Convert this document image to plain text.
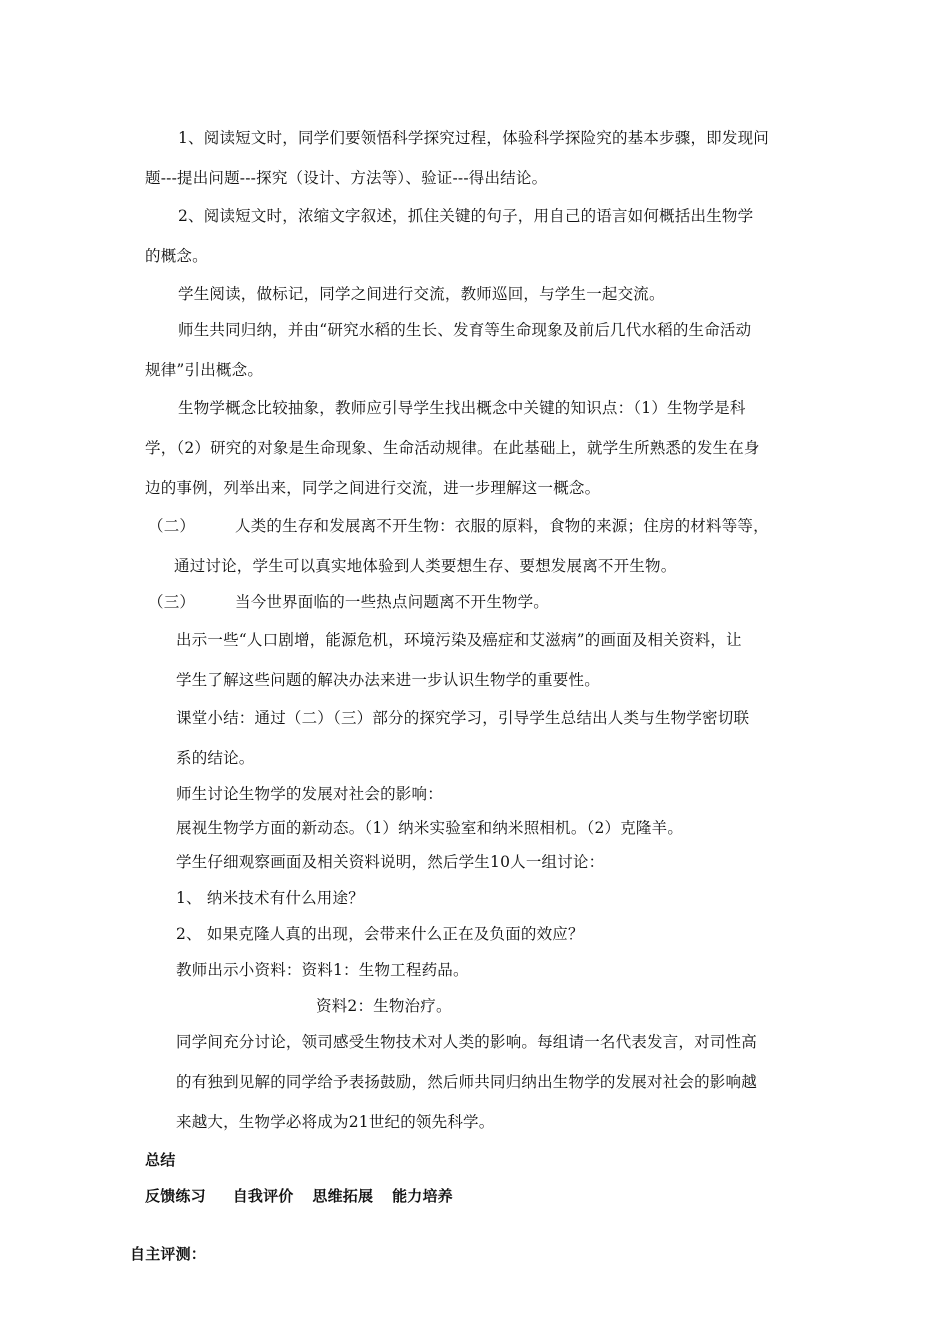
1、阅读短文时，同学们要领悟科学探究过程，体验科学探险究的基本步骤，即发现问
题---提出问题---探究（设计、方法等）、验证---得出结论。
2、阅读短文时，浓缩文字叙述，抓住关键的句子，用自己的语言如何概括出生物学
的概念。
学生阅读，做标记，同学之间进行交流，教师巡回，与学生一起交流。
师生共同归纳，并由“研究水稻的生长、发育等生命现象及前后几代水稻的生命活动
规律”引出概念。
生物学概念比较抽象，教师应引导学生找出概念中关键的知识点：（1）生物学是科
学，（2）研究的对象是生命现象、生命活动规律。在此基础上，就学生所熟悉的发生在身
边的事例，列举出来，同学之间进行交流，进一步理解这一概念。
（二）	人类的生存和发展离不开生物：衣服的原料，食物的来源；住房的材料等等，
通过讨论，学生可以真实地体验到人类要想生存、要想发展离不开生物。
（三）	当今世界面临的一些热点问题离不开生物学。
出示一些“人口剧增，能源危机，环境污染及癌症和艾滋病”的画面及相关资料，让
学生了解这些问题的解决办法来进一步认识生物学的重要性。
课堂小结：通过（二）（三）部分的探究学习，引导学生总结出人类与生物学密切联
系的结论。
师生讨论生物学的发展对社会的影响：
展视生物学方面的新动态。（1）纳米实验室和纳米照相机。（2）克隆羊。
学生仔细观察画面及相关资料说明，然后学生10人一组讨论：
1、 纳米技术有什么用途？
2、 如果克隆人真的出现，会带来什么正在及负面的效应？
教师出示小资料：资料1：生物工程药品。
资料2：生物治疗。
同学间充分讨论，领司感受生物技术对人类的影响。每组请一名代表发言，对司性高
的有独到见解的同学给予表扬鼓励，然后师共同归纳出生物学的发展对社会的影响越
来越大，生物学必将成为21世纪的领先科学。
总结
反馈练习 自我评价 思维拓展 能力培养
自主评测：
